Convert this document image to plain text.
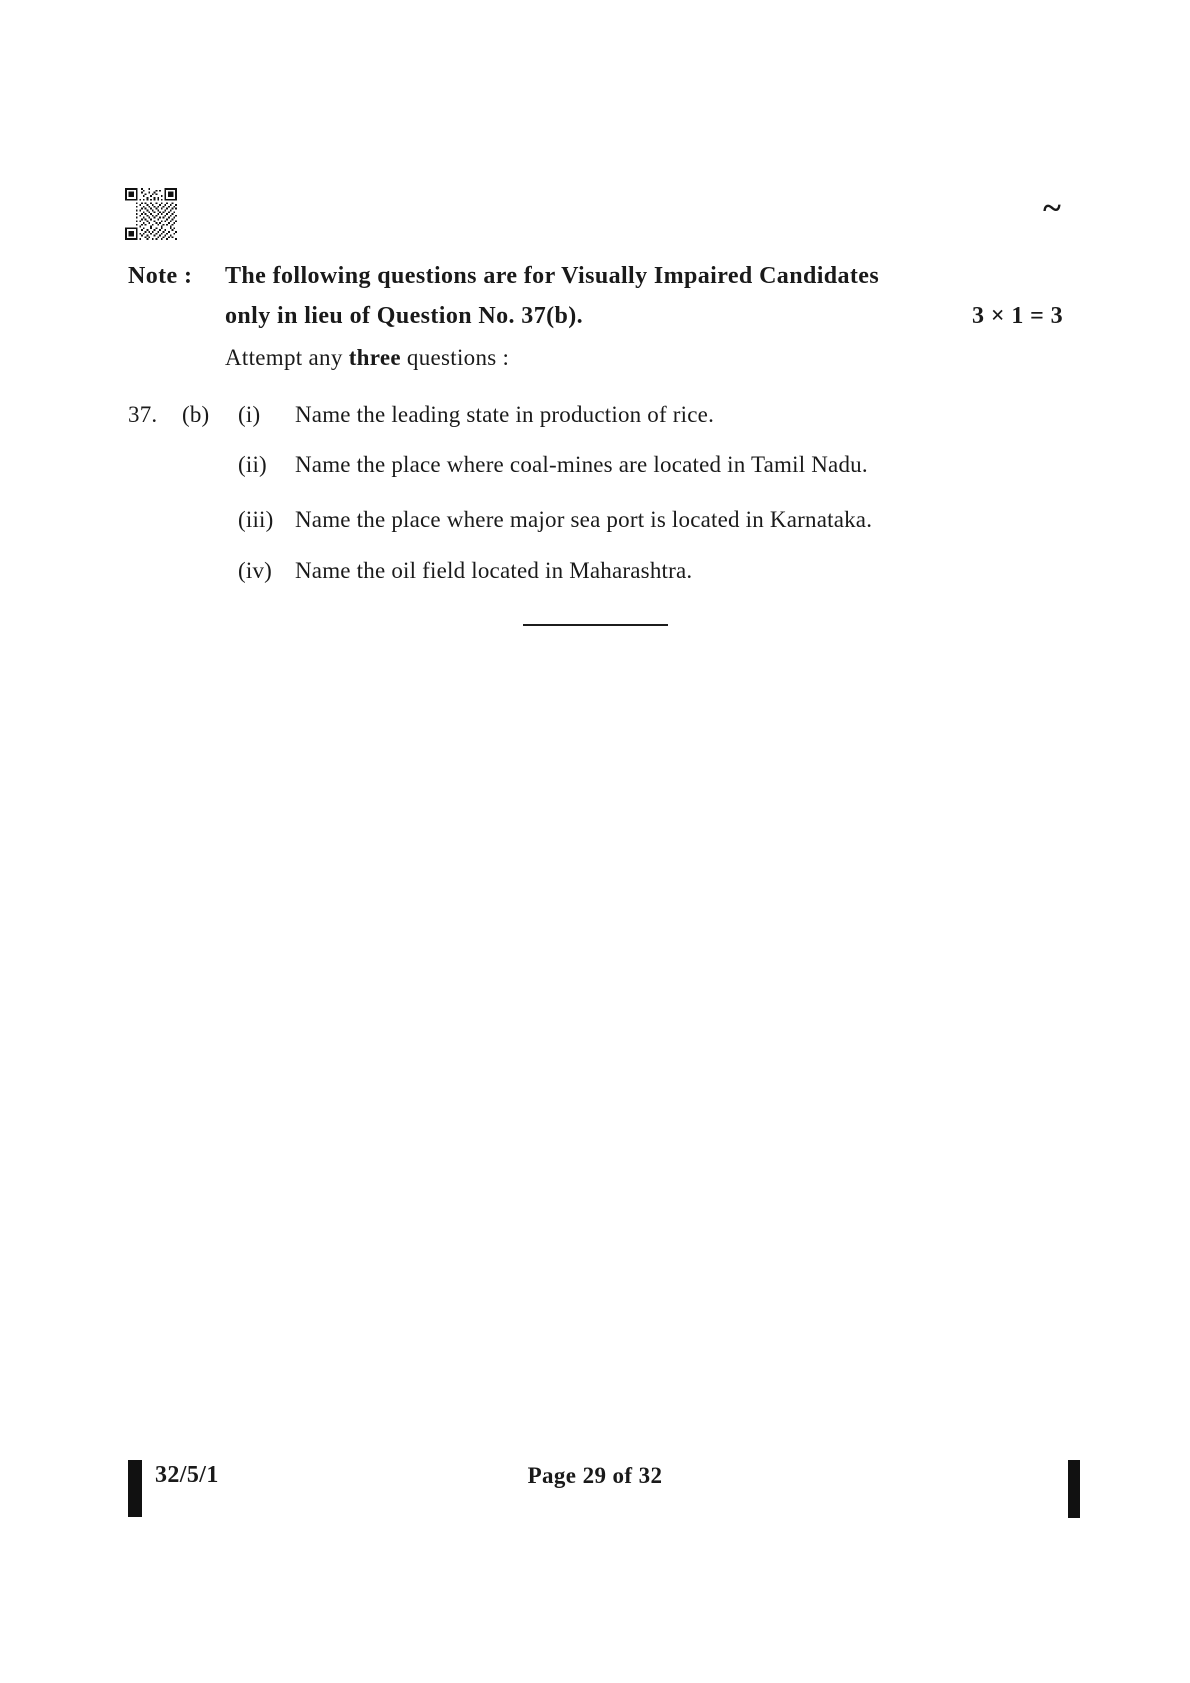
~
Note : The following questions are for Visually Impaired Candidates
only in lieu of Question No. 37(b).	3 × 1 = 3
Attempt any three questions :
37. (b) (i) Name the leading state in production of rice.
(ii) Name the place where coal-mines are located in Tamil Nadu.
(iii) Name the place where major sea port is located in Karnataka.
(iv) Name the oil field located in Maharashtra.
32/5/1	Page 29 of 32
